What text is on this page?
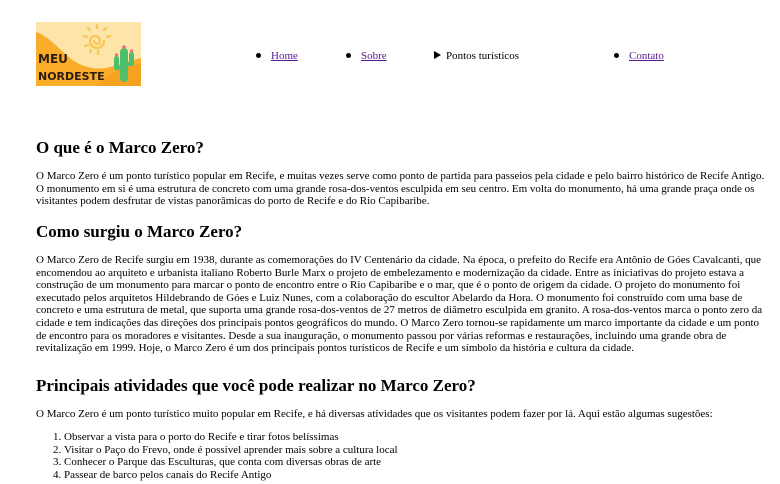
MEU
NORDESTE
Home	Sobre	Pontos turísticos	Contato
O que é o Marco Zero?

O Marco Zero é um ponto turístico popular em Recife, e muitas vezes serve como ponto de partida para passeios pela cidade e pelo bairro histórico de Recife Antigo. O monumento em si é uma estrutura de concreto com uma grande rosa-dos-ventos esculpida em seu centro. Em volta do monumento, há uma grande praça onde os visitantes podem desfrutar de vistas panorâmicas do porto de Recife e do Rio Capibaribe.

Como surgiu o Marco Zero?

O Marco Zero de Recife surgiu em 1938, durante as comemorações do IV Centenário da cidade. Na época, o prefeito do Recife era Antônio de Góes Cavalcanti, que encomendou ao arquiteto e urbanista italiano Roberto Burle Marx o projeto de embelezamento e modernização da cidade. Entre as iniciativas do projeto estava a construção de um monumento para marcar o ponto de encontro entre o Rio Capibaribe e o mar, que é o ponto de origem da cidade. O projeto do monumento foi executado pelos arquitetos Hildebrando de Góes e Luiz Nunes, com a colaboração do escultor Abelardo da Hora. O monumento foi construído com uma base de concreto e uma estrutura de metal, que suporta uma grande rosa-dos-ventos de 27 metros de diâmetro esculpida em granito. A rosa-dos-ventos marca o ponto zero da cidade e tem indicações das direções dos principais pontos geográficos do mundo. O Marco Zero tornou-se rapidamente um marco importante da cidade e um ponto de encontro para os moradores e visitantes. Desde a sua inauguração, o monumento passou por várias reformas e restaurações, incluindo uma grande obra de revitalização em 1999. Hoje, o Marco Zero é um dos principais pontos turísticos de Recife e um símbolo da história e cultura da cidade.

Principais atividades que você pode realizar no Marco Zero?

O Marco Zero é um ponto turístico muito popular em Recife, e há diversas atividades que os visitantes podem fazer por lá. Aqui estão algumas sugestões:

1. Observar a vista para o porto do Recife e tirar fotos belíssimas
2. Visitar o Paço do Frevo, onde é possível aprender mais sobre a cultura local
3. Conhecer o Parque das Esculturas, que conta com diversas obras de arte
4. Passear de barco pelos canais do Recife Antigo
